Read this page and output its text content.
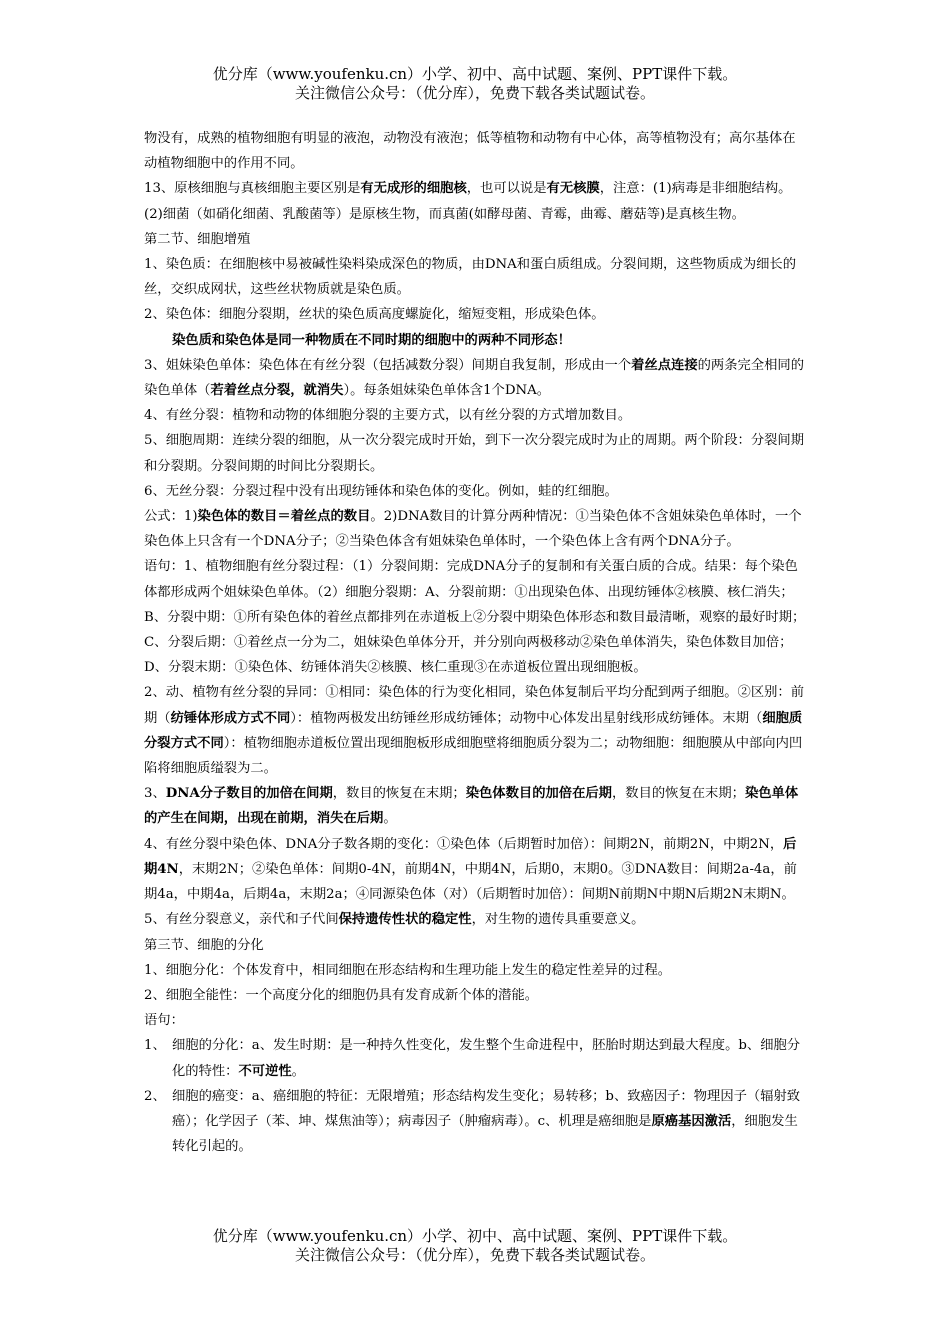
优分库（www.youfenku.cn）小学、初中、高中试题、案例、PPT课件下载。
关注微信公众号：（优分库），免费下载各类试题试卷。

物没有，成熟的植物细胞有明显的液泡，动物没有液泡；低等植物和动物有中心体，高等植物没有；高尔基体在动植物细胞中的作用不同。

13、原核细胞与真核细胞主要区别是有无成形的细胞核，也可以说是有无核膜，注意：(1)病毒是非细胞结构。(2)细菌（如硝化细菌、乳酸菌等）是原核生物，而真菌(如酵母菌、青霉，曲霉、蘑菇等)是真核生物。

第二节、细胞增殖

1、染色质：在细胞核中易被碱性染料染成深色的物质，由DNA和蛋白质组成。分裂间期，这些物质成为细长的丝，交织成网状，这些丝状物质就是染色质。

2、染色体：细胞分裂期，丝状的染色质高度螺旋化，缩短变粗，形成染色体。

染色质和染色体是同一种物质在不同时期的细胞中的两种不同形态！

3、姐妹染色单体：染色体在有丝分裂（包括减数分裂）间期自我复制，形成由一个着丝点连接的两条完全相同的染色单体（若着丝点分裂，就消失）。每条姐妹染色单体含1个DNA。

4、有丝分裂：植物和动物的体细胞分裂的主要方式，以有丝分裂的方式增加数目。

5、细胞周期：连续分裂的细胞，从一次分裂完成时开始，到下一次分裂完成时为止的周期。两个阶段：分裂间期和分裂期。分裂间期的时间比分裂期长。

6、无丝分裂：分裂过程中没有出现纺锤体和染色体的变化。例如，蛙的红细胞。

公式：1)染色体的数目＝着丝点的数目。2)DNA数目的计算分两种情况：①当染色体不含姐妹染色单体时，一个染色体上只含有一个DNA分子；②当染色体含有姐妹染色单体时，一个染色体上含有两个DNA分子。

语句：1、植物细胞有丝分裂过程：（1）分裂间期：完成DNA分子的复制和有关蛋白质的合成。结果：每个染色体都形成两个姐妹染色单体。（2）细胞分裂期：A、分裂前期：①出现染色体、出现纺锤体②核膜、核仁消失；B、分裂中期：①所有染色体的着丝点都排列在赤道板上②分裂中期染色体形态和数目最清晰，观察的最好时期；C、分裂后期：①着丝点一分为二，姐妹染色单体分开，并分别向两极移动②染色单体消失，染色体数目加倍；D、分裂末期：①染色体、纺锤体消失②核膜、核仁重现③在赤道板位置出现细胞板。

2、动、植物有丝分裂的异同：①相同：染色体的行为变化相同，染色体复制后平均分配到两子细胞。②区别：前期（纺锤体形成方式不同）：植物两极发出纺锤丝形成纺锤体；动物中心体发出星射线形成纺锤体。末期（细胞质分裂方式不同）：植物细胞赤道板位置出现细胞板形成细胞壁将细胞质分裂为二；动物细胞：细胞膜从中部向内凹陷将细胞质缢裂为二。

3、DNA分子数目的加倍在间期，数目的恢复在末期；染色体数目的加倍在后期，数目的恢复在末期；染色单体的产生在间期，出现在前期，消失在后期。

4、有丝分裂中染色体、DNA分子数各期的变化：①染色体（后期暂时加倍）：间期2N，前期2N，中期2N，后期4N，末期2N；②染色单体：间期0-4N，前期4N，中期4N，后期0，末期0。③DNA数目：间期2a-4a，前期4a，中期4a，后期4a，末期2a；④同源染色体（对）（后期暂时加倍）：间期N前期N中期N后期2N末期N。

5、有丝分裂意义，亲代和子代间保持遗传性状的稳定性，对生物的遗传具重要意义。

第三节、细胞的分化

1、细胞分化：个体发育中，相同细胞在形态结构和生理功能上发生的稳定性差异的过程。

2、细胞全能性：一个高度分化的细胞仍具有发育成新个体的潜能。

语句：

1、 细胞的分化：a、发生时期：是一种持久性变化，发生整个生命进程中，胚胎时期达到最大程度。b、细胞分化的特性：不可逆性。

2、 细胞的癌变：a、癌细胞的特征：无限增殖；形态结构发生变化；易转移；b、致癌因子：物理因子（辐射致癌）；化学因子（苯、坤、煤焦油等）；病毒因子（肿瘤病毒）。c、机理是癌细胞是原癌基因激活，细胞发生转化引起的。

优分库（www.youfenku.cn）小学、初中、高中试题、案例、PPT课件下载。
关注微信公众号：（优分库），免费下载各类试题试卷。
